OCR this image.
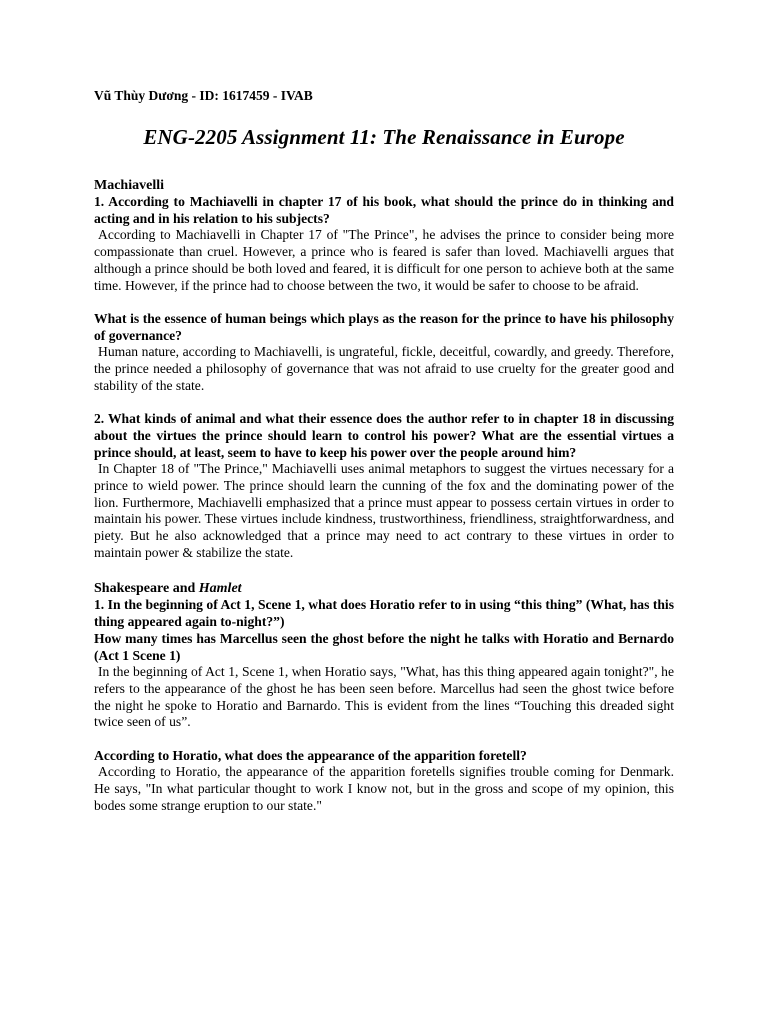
Vũ Thùy Dương - ID: 1617459 - IVAB

ENG-2205 Assignment 11: The Renaissance in Europe

Machiavelli

1. According to Machiavelli in chapter 17 of his book, what should the prince do in thinking and acting and in his relation to his subjects?

According to Machiavelli in Chapter 17 of "The Prince", he advises the prince to consider being more compassionate than cruel. However, a prince who is feared is safer than loved. Machiavelli argues that although a prince should be both loved and feared, it is difficult for one person to achieve both at the same time. However, if the prince had to choose between the two, it would be safer to choose to be afraid.

What is the essence of human beings which plays as the reason for the prince to have his philosophy of governance?

Human nature, according to Machiavelli, is ungrateful, fickle, deceitful, cowardly, and greedy. Therefore, the prince needed a philosophy of governance that was not afraid to use cruelty for the greater good and stability of the state.

2. What kinds of animal and what their essence does the author refer to in chapter 18 in discussing about the virtues the prince should learn to control his power? What are the essential virtues a prince should, at least, seem to have to keep his power over the people around him?

In Chapter 18 of "The Prince," Machiavelli uses animal metaphors to suggest the virtues necessary for a prince to wield power. The prince should learn the cunning of the fox and the dominating power of the lion. Furthermore, Machiavelli emphasized that a prince must appear to possess certain virtues in order to maintain his power. These virtues include kindness, trustworthiness, friendliness, straightforwardness, and piety. But he also acknowledged that a prince may need to act contrary to these virtues in order to maintain power & stabilize the state.

Shakespeare and Hamlet

1. In the beginning of Act 1, Scene 1, what does Horatio refer to in using “this thing” (What, has this thing appeared again to-night?”)

How many times has Marcellus seen the ghost before the night he talks with Horatio and Bernardo (Act 1 Scene 1)

In the beginning of Act 1, Scene 1, when Horatio says, "What, has this thing appeared again tonight?", he refers to the appearance of the ghost he has been seen before. Marcellus had seen the ghost twice before the night he spoke to Horatio and Barnardo. This is evident from the lines “Touching this dreaded sight twice seen of us”.

According to Horatio, what does the appearance of the apparition foretell?

According to Horatio, the appearance of the apparition foretells signifies trouble coming for Denmark. He says, "In what particular thought to work I know not, but in the gross and scope of my opinion, this bodes some strange eruption to our state."
